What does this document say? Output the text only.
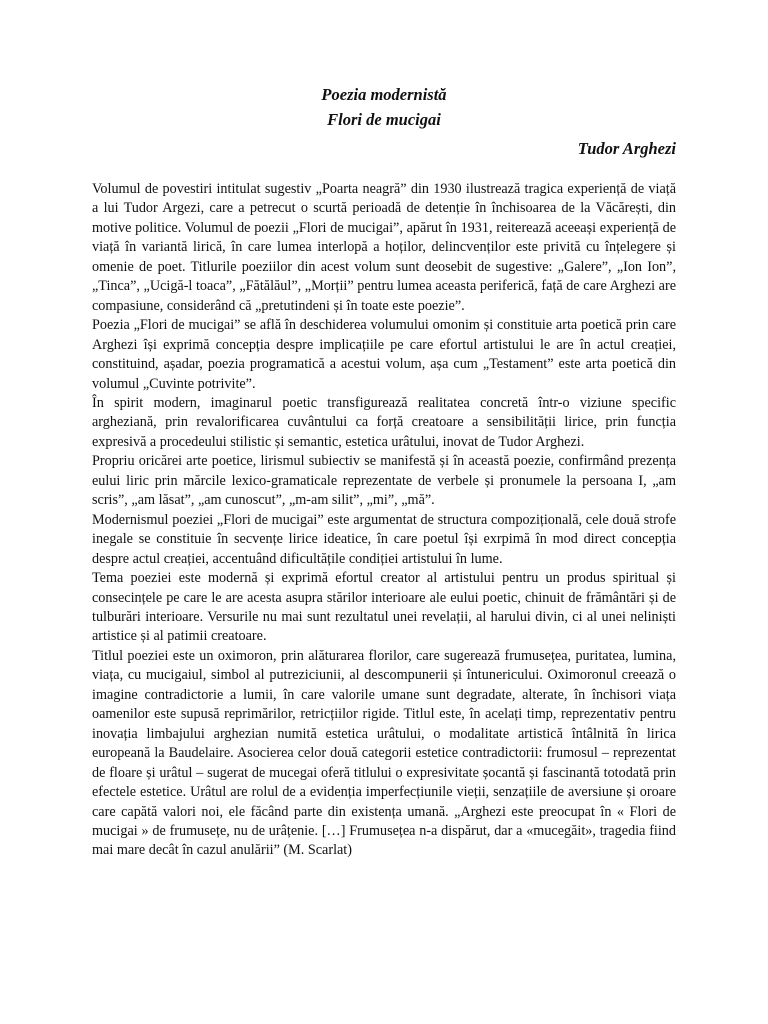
Poezia modernistă
Flori de mucigai
Tudor Arghezi

Volumul de povestiri intitulat sugestiv „Poarta neagră” din 1930 ilustrează tragica experiență de viață a lui Tudor Argezi, care a petrecut o scurtă perioadă de detenție în închisoarea de la Văcărești, din motive politice. Volumul de poezii „Flori de mucigai”, apărut în 1931, reiterează aceeași experiență de viață în variantă lirică, în care lumea interlopă a hoților, delincvenților este privită cu înțelegere și omenie de poet. Titlurile poeziilor din acest volum sunt deosebit de sugestive: „Galere”, „Ion Ion”, „Tinca”, „Ucigă-l toaca”, „Fătălăul”, „Morții” pentru lumea aceasta periferică, față de care Arghezi are compasiune, considerând că „pretutindeni și în toate este poezie”.

Poezia „Flori de mucigai” se află în deschiderea volumului omonim și constituie arta poetică prin care Arghezi își exprimă concepția despre implicațiile pe care efortul artistului le are în actul creației, constituind, așadar, poezia programatică a acestui volum, așa cum „Testament” este arta poetică din volumul „Cuvinte potrivite”.

În spirit modern, imaginarul poetic transfigurează realitatea concretă într-o viziune specific argheziană, prin revalorificarea cuvântului ca forță creatoare a sensibilității lirice, prin funcția expresivă a procedeului stilistic și semantic, estetica urâtului, inovat de Tudor Arghezi.

Propriu oricărei arte poetice, lirismul subiectiv se manifestă și în această poezie, confirmând prezența eului liric prin mărcile lexico-gramaticale reprezentate de verbele și pronumele la persoana I, „am scris”, „am lăsat”, „am cunoscut”, „m-am silit”, „mi”, „mă”.

Modernismul poeziei „Flori de mucigai” este argumentat de structura compozițională, cele două strofe inegale se constituie în secvențe lirice ideatice, în care poetul își exrpimă în mod direct concepția despre actul creației, accentuând dificultățile condiției artistului în lume.

Tema poeziei este modernă și exprimă efortul creator al artistului pentru un produs spiritual și consecințele pe care le are acesta asupra stărilor interioare ale eului poetic, chinuit de frământări și de tulburări interioare. Versurile nu mai sunt rezultatul unei revelații, al harului divin, ci al unei neliniști artistice și al patimii creatoare.

Titlul poeziei este un oximoron, prin alăturarea florilor, care sugerează frumusețea, puritatea, lumina, viața, cu mucigaiul, simbol al putreziciunii, al descompunerii și întunericului. Oximoronul creează o imagine contradictorie a lumii, în care valorile umane sunt degradate, alterate, în închisori viața oamenilor este supusă reprimărilor, retricțiilor rigide. Titlul este, în acelați timp, reprezentativ pentru inovația limbajului arghezian numită estetica urâtului, o modalitate artistică întâlnită în lirica europeană la Baudelaire. Asocierea celor două categorii estetice contradictorii: frumosul – reprezentat de floare și urâtul – sugerat de mucegai oferă titlului o expresivitate șocantă și fascinantă totodată prin efectele estetice. Urâtul are rolul de a evidenția imperfecțiunile vieții, senzațiile de aversiune și oroare care capătă valori noi, ele făcând parte din existența umană. „Arghezi este preocupat în « Flori de mucigai » de frumusețe, nu de urâțenie. […] Frumusețea n-a dispărut, dar a «mucegăit», tragedia fiind mai mare decât în cazul anulării” (M. Scarlat)
